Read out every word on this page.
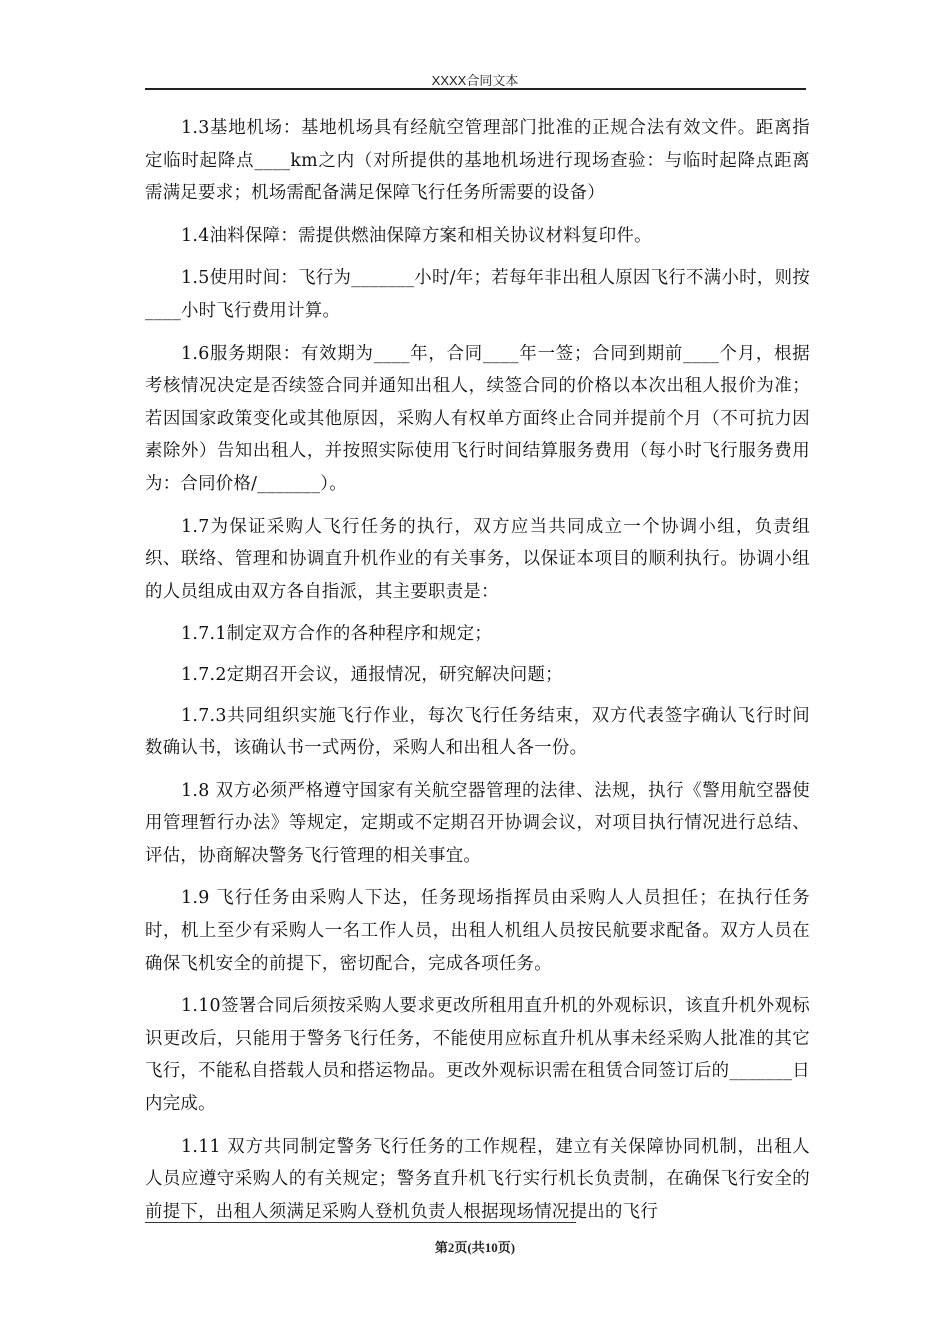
XXXX合同文本

1.3基地机场：基地机场具有经航空管理部门批准的正规合法有效文件。距离指定临时起降点____km之内（对所提供的基地机场进行现场查验：与临时起降点距离需满足要求；机场需配备满足保障飞行任务所需要的设备）

1.4油料保障：需提供燃油保障方案和相关协议材料复印件。

1.5使用时间：飞行为_______小时/年；若每年非出租人原因飞行不满小时，则按____小时飞行费用计算。

1.6服务期限：有效期为____年，合同____年一签；合同到期前____个月，根据考核情况决定是否续签合同并通知出租人，续签合同的价格以本次出租人报价为准；若因国家政策变化或其他原因，采购人有权单方面终止合同并提前个月（不可抗力因素除外）告知出租人，并按照实际使用飞行时间结算服务费用（每小时飞行服务费用为：合同价格/_______）。

1.7为保证采购人飞行任务的执行，双方应当共同成立一个协调小组，负责组织、联络、管理和协调直升机作业的有关事务，以保证本项目的顺利执行。协调小组的人员组成由双方各自指派，其主要职责是：

1.7.1制定双方合作的各种程序和规定；

1.7.2定期召开会议，通报情况，研究解决问题；

1.7.3共同组织实施飞行作业，每次飞行任务结束，双方代表签字确认飞行时间数确认书，该确认书一式两份，采购人和出租人各一份。

1.8 双方必须严格遵守国家有关航空器管理的法律、法规，执行《警用航空器使用管理暂行办法》等规定，定期或不定期召开协调会议，对项目执行情况进行总结、评估，协商解决警务飞行管理的相关事宜。

1.9 飞行任务由采购人下达，任务现场指挥员由采购人人员担任；在执行任务时，机上至少有采购人一名工作人员，出租人机组人员按民航要求配备。双方人员在确保飞机安全的前提下，密切配合，完成各项任务。

1.10签署合同后须按采购人要求更改所租用直升机的外观标识，该直升机外观标识更改后，只能用于警务飞行任务，不能使用应标直升机从事未经采购人批准的其它飞行，不能私自搭载人员和搭运物品。更改外观标识需在租赁合同签订后的_______日内完成。

1.11 双方共同制定警务飞行任务的工作规程，建立有关保障协同机制，出租人人员应遵守采购人的有关规定；警务直升机飞行实行机长负责制，在确保飞行安全的前提下，出租人须满足采购人登机负责人根据现场情况提出的飞行

第2页(共10页)
